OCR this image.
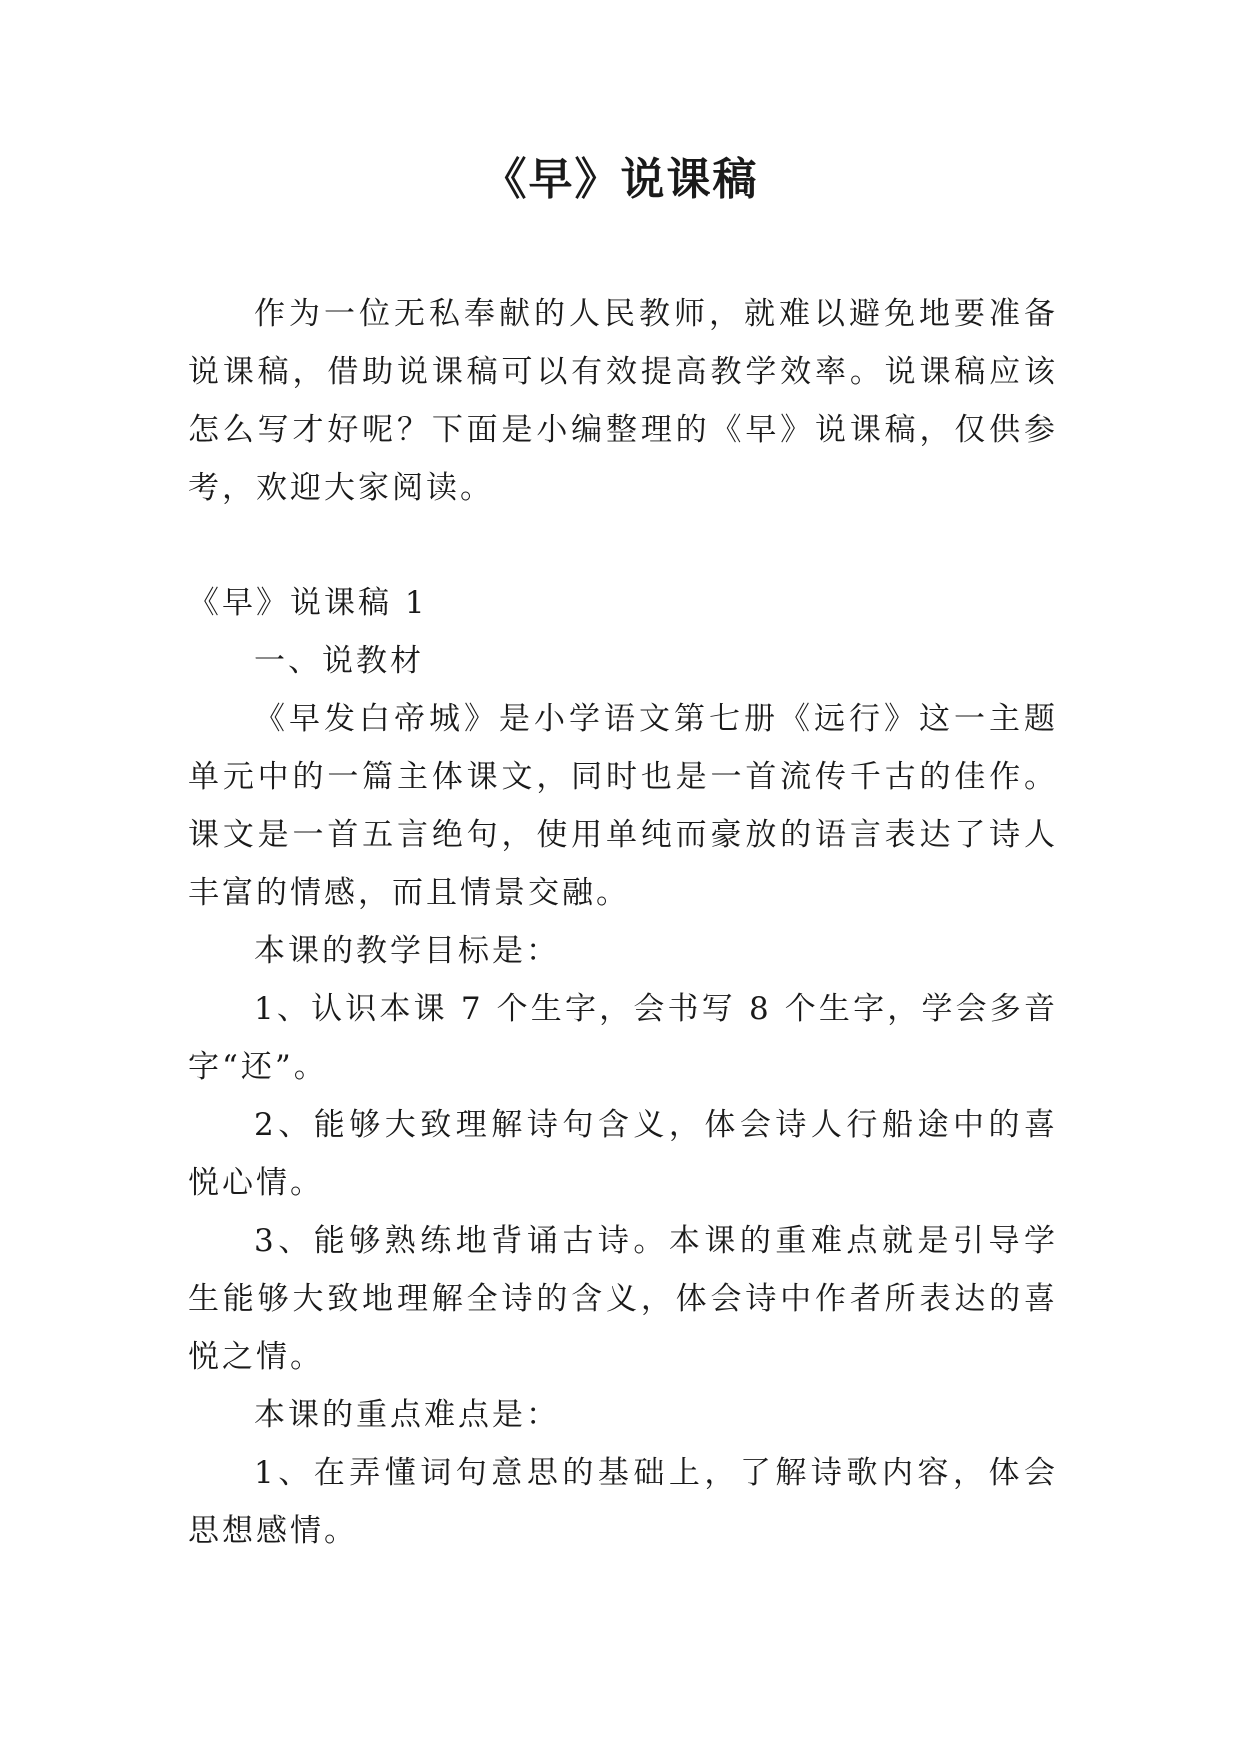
《早》说课稿

作为一位无私奉献的人民教师，就难以避免地要准备说课稿，借助说课稿可以有效提高教学效率。说课稿应该怎么写才好呢？下面是小编整理的《早》说课稿，仅供参考，欢迎大家阅读。

《早》说课稿 1

一、说教材

《早发白帝城》是小学语文第七册《远行》这一主题单元中的一篇主体课文，同时也是一首流传千古的佳作。课文是一首五言绝句，使用单纯而豪放的语言表达了诗人丰富的情感，而且情景交融。

本课的教学目标是：

1、认识本课 7 个生字，会书写 8 个生字，学会多音字“还”。

2、能够大致理解诗句含义，体会诗人行船途中的喜悦心情。

3、能够熟练地背诵古诗。本课的重难点就是引导学生能够大致地理解全诗的含义，体会诗中作者所表达的喜悦之情。

本课的重点难点是：

1、在弄懂词句意思的基础上，了解诗歌内容，体会思想感情。
